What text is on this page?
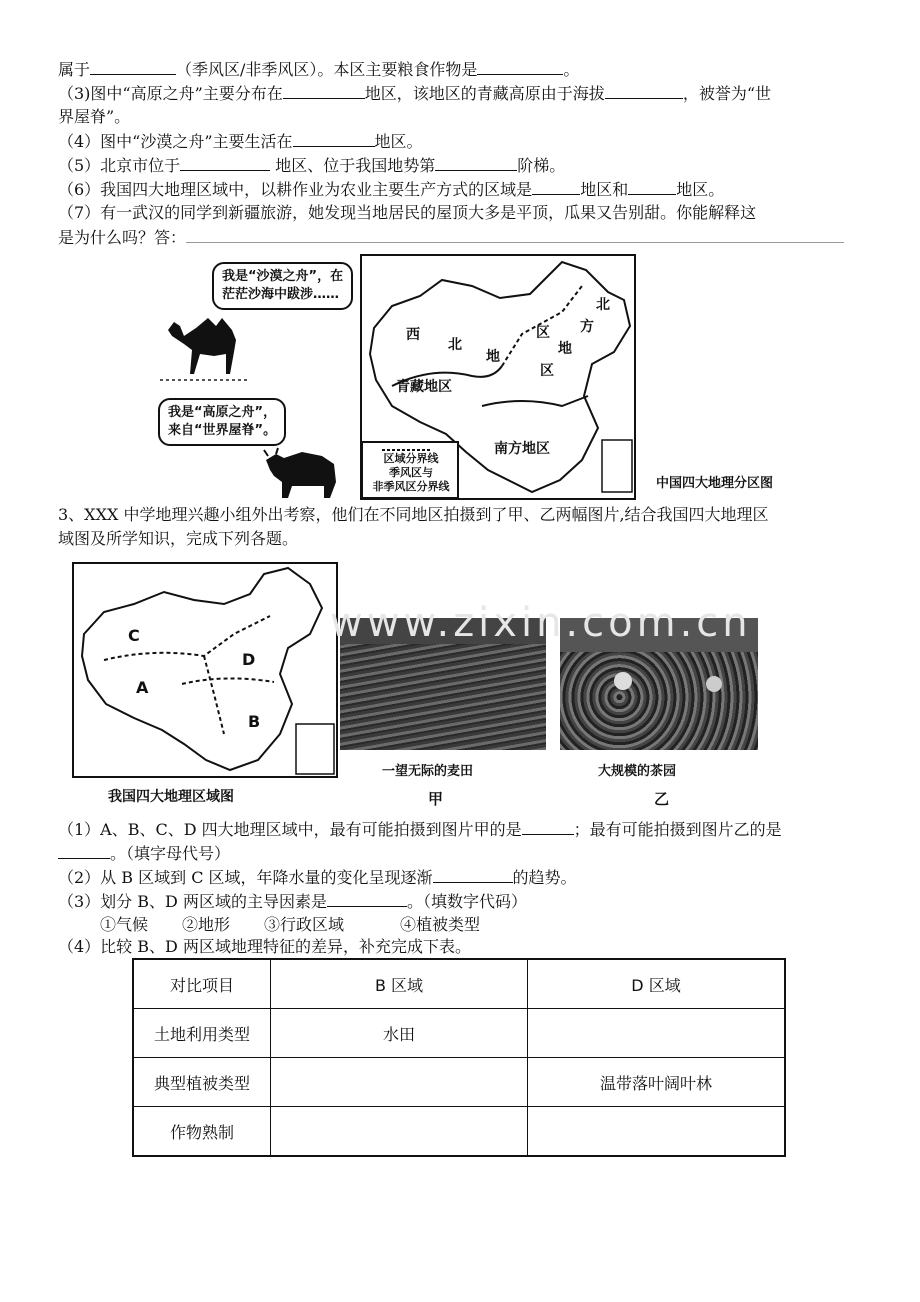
属于	（季风区/非季风区）。本区主要粮食作物是	。
（3)图中“高原之舟”主要分布在	地区，该地区的青藏高原由于海拔	，被誉为“世
界屋脊”。
（4）图中“沙漠之舟”主要生活在	地区。
（5）北京市位于	地区、位于我国地势第	阶梯。
（6）我国四大地理区域中，以耕作业为农业主要生产方式的区域是	地区和	地区。
（7）有一武汉的同学到新疆旅游，她发现当地居民的屋顶大多是平顶，瓜果又告别甜。你能解释这
是为什么吗？答：
我是“沙漠之舟”，在
茫茫沙海中跋涉……
我是“高原之舟”，
来自“世界屋脊”。
西
北
地
区
北
方
地
区
青藏地区
南方地区
区域分界线
季风区与
非季风区分界线	中国四大地理分区图
3、XXX 中学地理兴趣小组外出考察，他们在不同地区拍摄到了甲、乙两幅图片,结合我国四大地理区
域图及所学知识，完成下列各题。
C
D
A
B
我国四大地理区域图
一望无际的麦田
甲
大规模的茶园
乙
www.zixin.com.cn
（1）A、B、C、D 四大地理区域中，最有可能拍摄到图片甲的是	；最有可能拍摄到图片乙的是
。（填字母代号）
（2）从 B 区域到 C 区域，年降水量的变化呈现逐渐	的趋势。
（3）划分 B、D 两区域的主导因素是	。（填数字代码）
①气候 ②地形 ③行政区域	④植被类型
（4）比较 B、D 两区域地理特征的差异，补充完成下表。
对比项目	B 区域	D 区域
土地利用类型	水田	
典型植被类型		温带落叶阔叶林
作物熟制		
